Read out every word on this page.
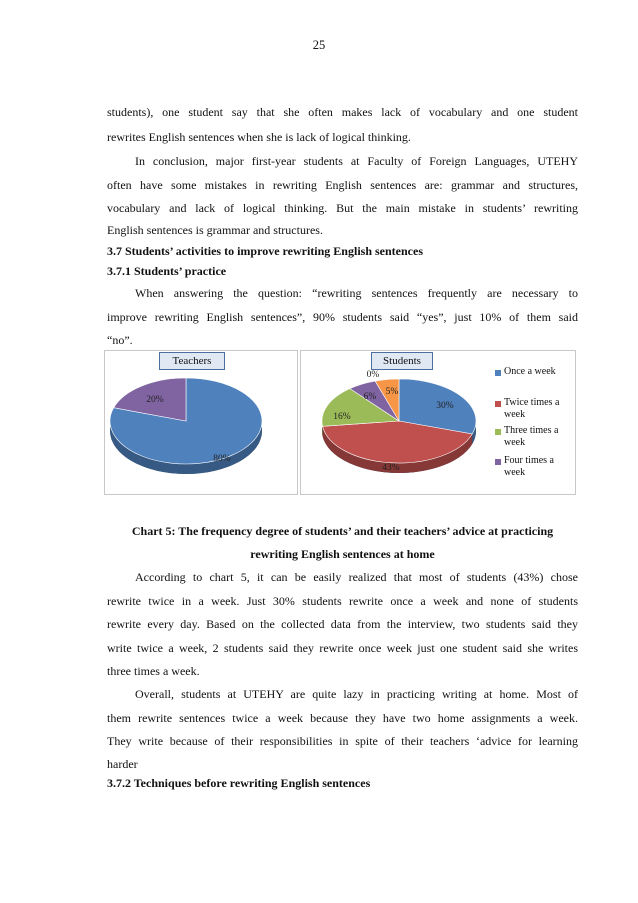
25
students), one student say that she often makes lack of vocabulary and one student
rewrites English sentences when she is lack of logical thinking.
In conclusion, major first-year students at Faculty of Foreign Languages, UTEHY
often have some mistakes in rewriting English sentences are: grammar and structures,
vocabulary and lack of logical thinking. But the main mistake in students’ rewriting
English sentences is grammar and structures.
3.7 Students’ activities to improve rewriting English sentences
3.7.1 Students’ practice
When answering the question: “rewriting sentences frequently are necessary to
improve rewriting English sentences”, 90% students said “yes”, just 10% of them said
“no”.
80%
20%
30%
43%
16%
6% 5%
0%
Teachers	Students
Once a week
Twice times a
week
Three times a
week
Four times a
week
Chart 5: The frequency degree of students’ and their teachers’ advice at practicing
rewriting English sentences at home
According to chart 5, it can be easily realized that most of students (43%) chose
rewrite twice in a week. Just 30% students rewrite once a week and none of students
rewrite every day. Based on the collected data from the interview, two students said they
write twice a week, 2 students said they rewrite once week just one student said she writes
three times a week.
Overall, students at UTEHY are quite lazy in practicing writing at home. Most of
them rewrite sentences twice a week because they have two home assignments a week.
They write because of their responsibilities in spite of their teachers ‘advice for learning
harder
3.7.2 Techniques before rewriting English sentences
